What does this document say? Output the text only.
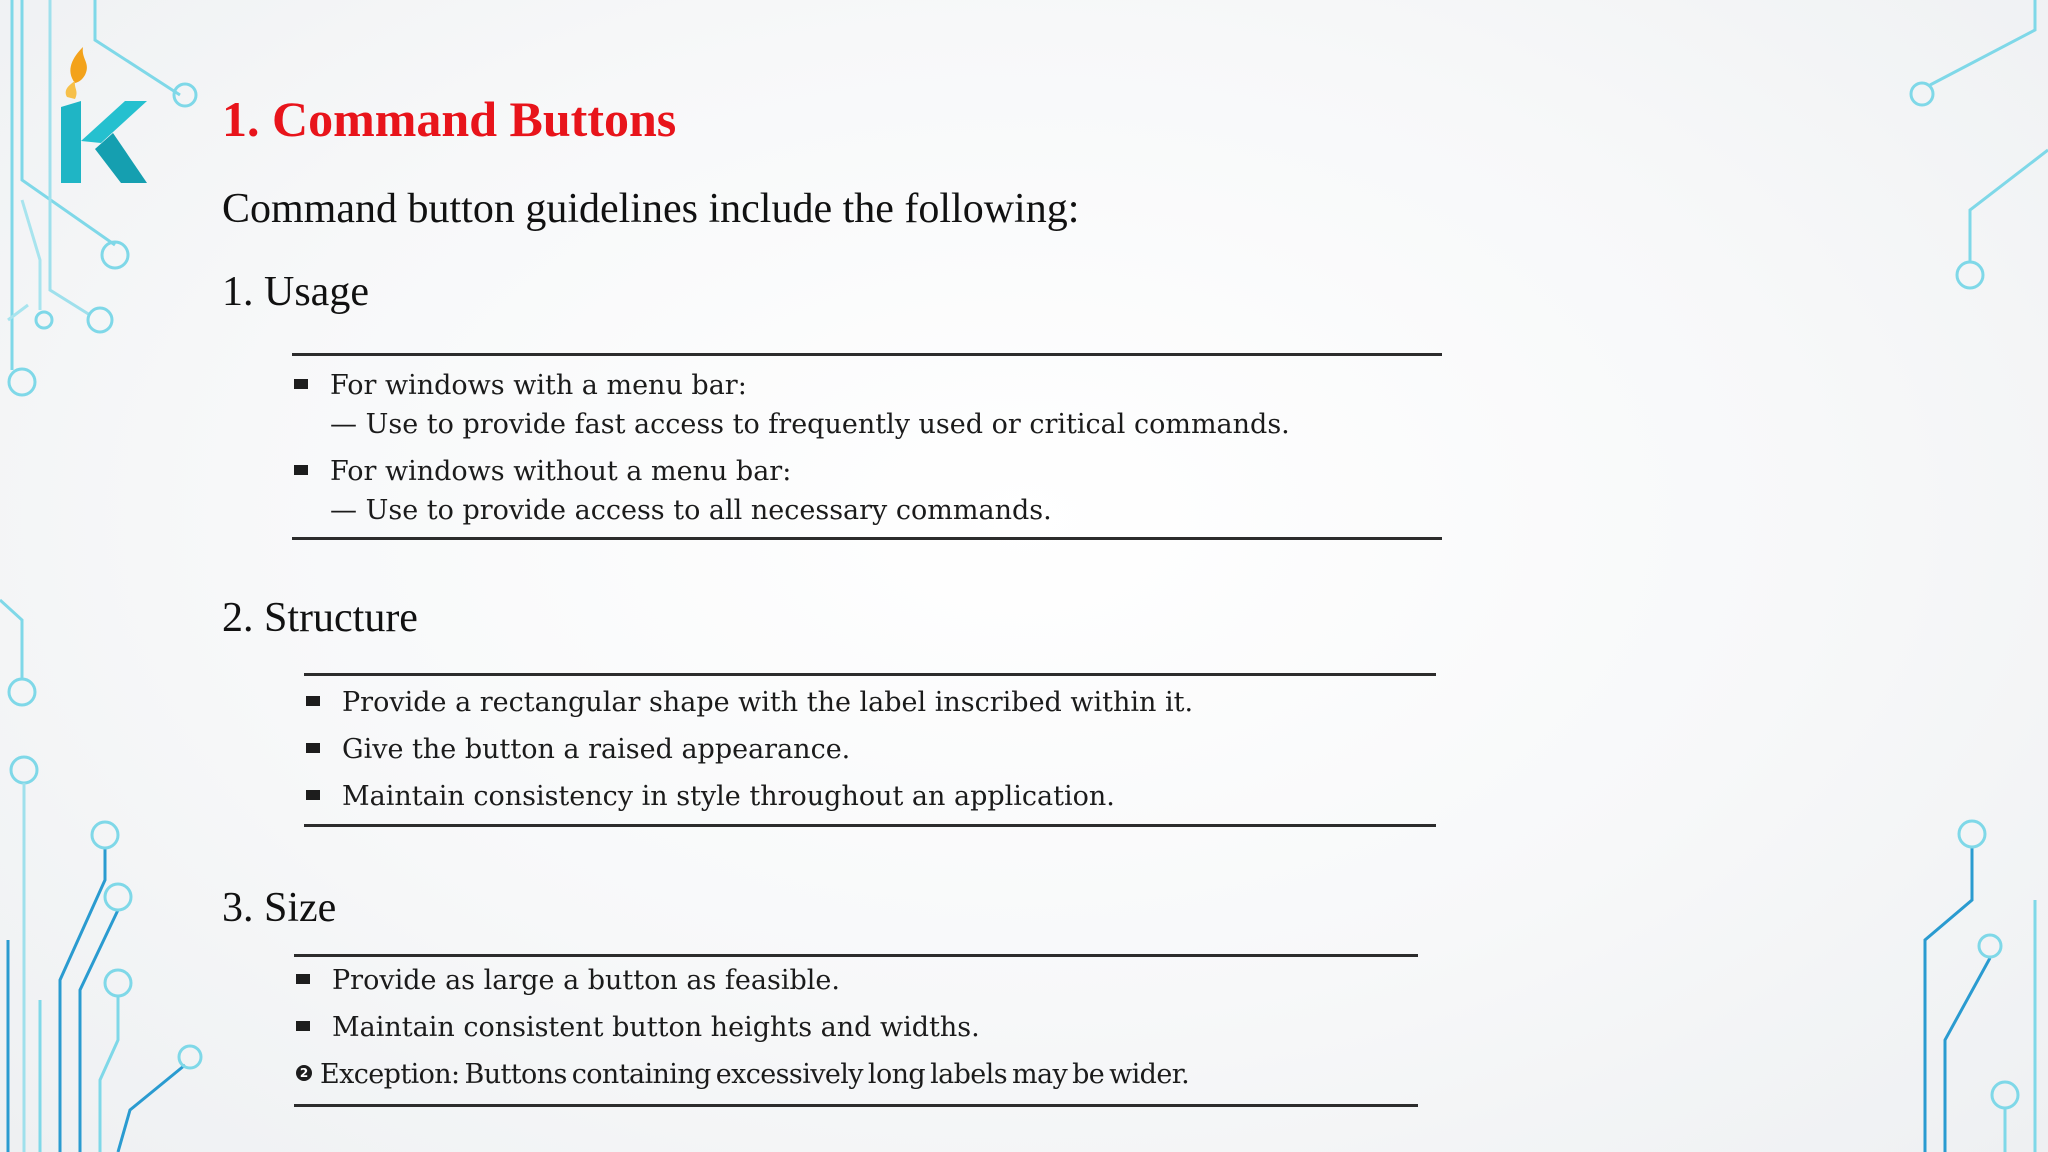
1. Command Buttons

Command button guidelines include the following:

1. Usage
For windows with a menu bar:
— Use to provide fast access to frequently used or critical commands.
For windows without a menu bar:
— Use to provide access to all necessary commands.
2. Structure
Provide a rectangular shape with the label inscribed within it.
Give the button a raised appearance.
Maintain consistency in style throughout an application.
3. Size
Provide as large a button as feasible.
Maintain consistent button heights and widths.
2 Exception: Buttons containing excessively long labels may be wider.
